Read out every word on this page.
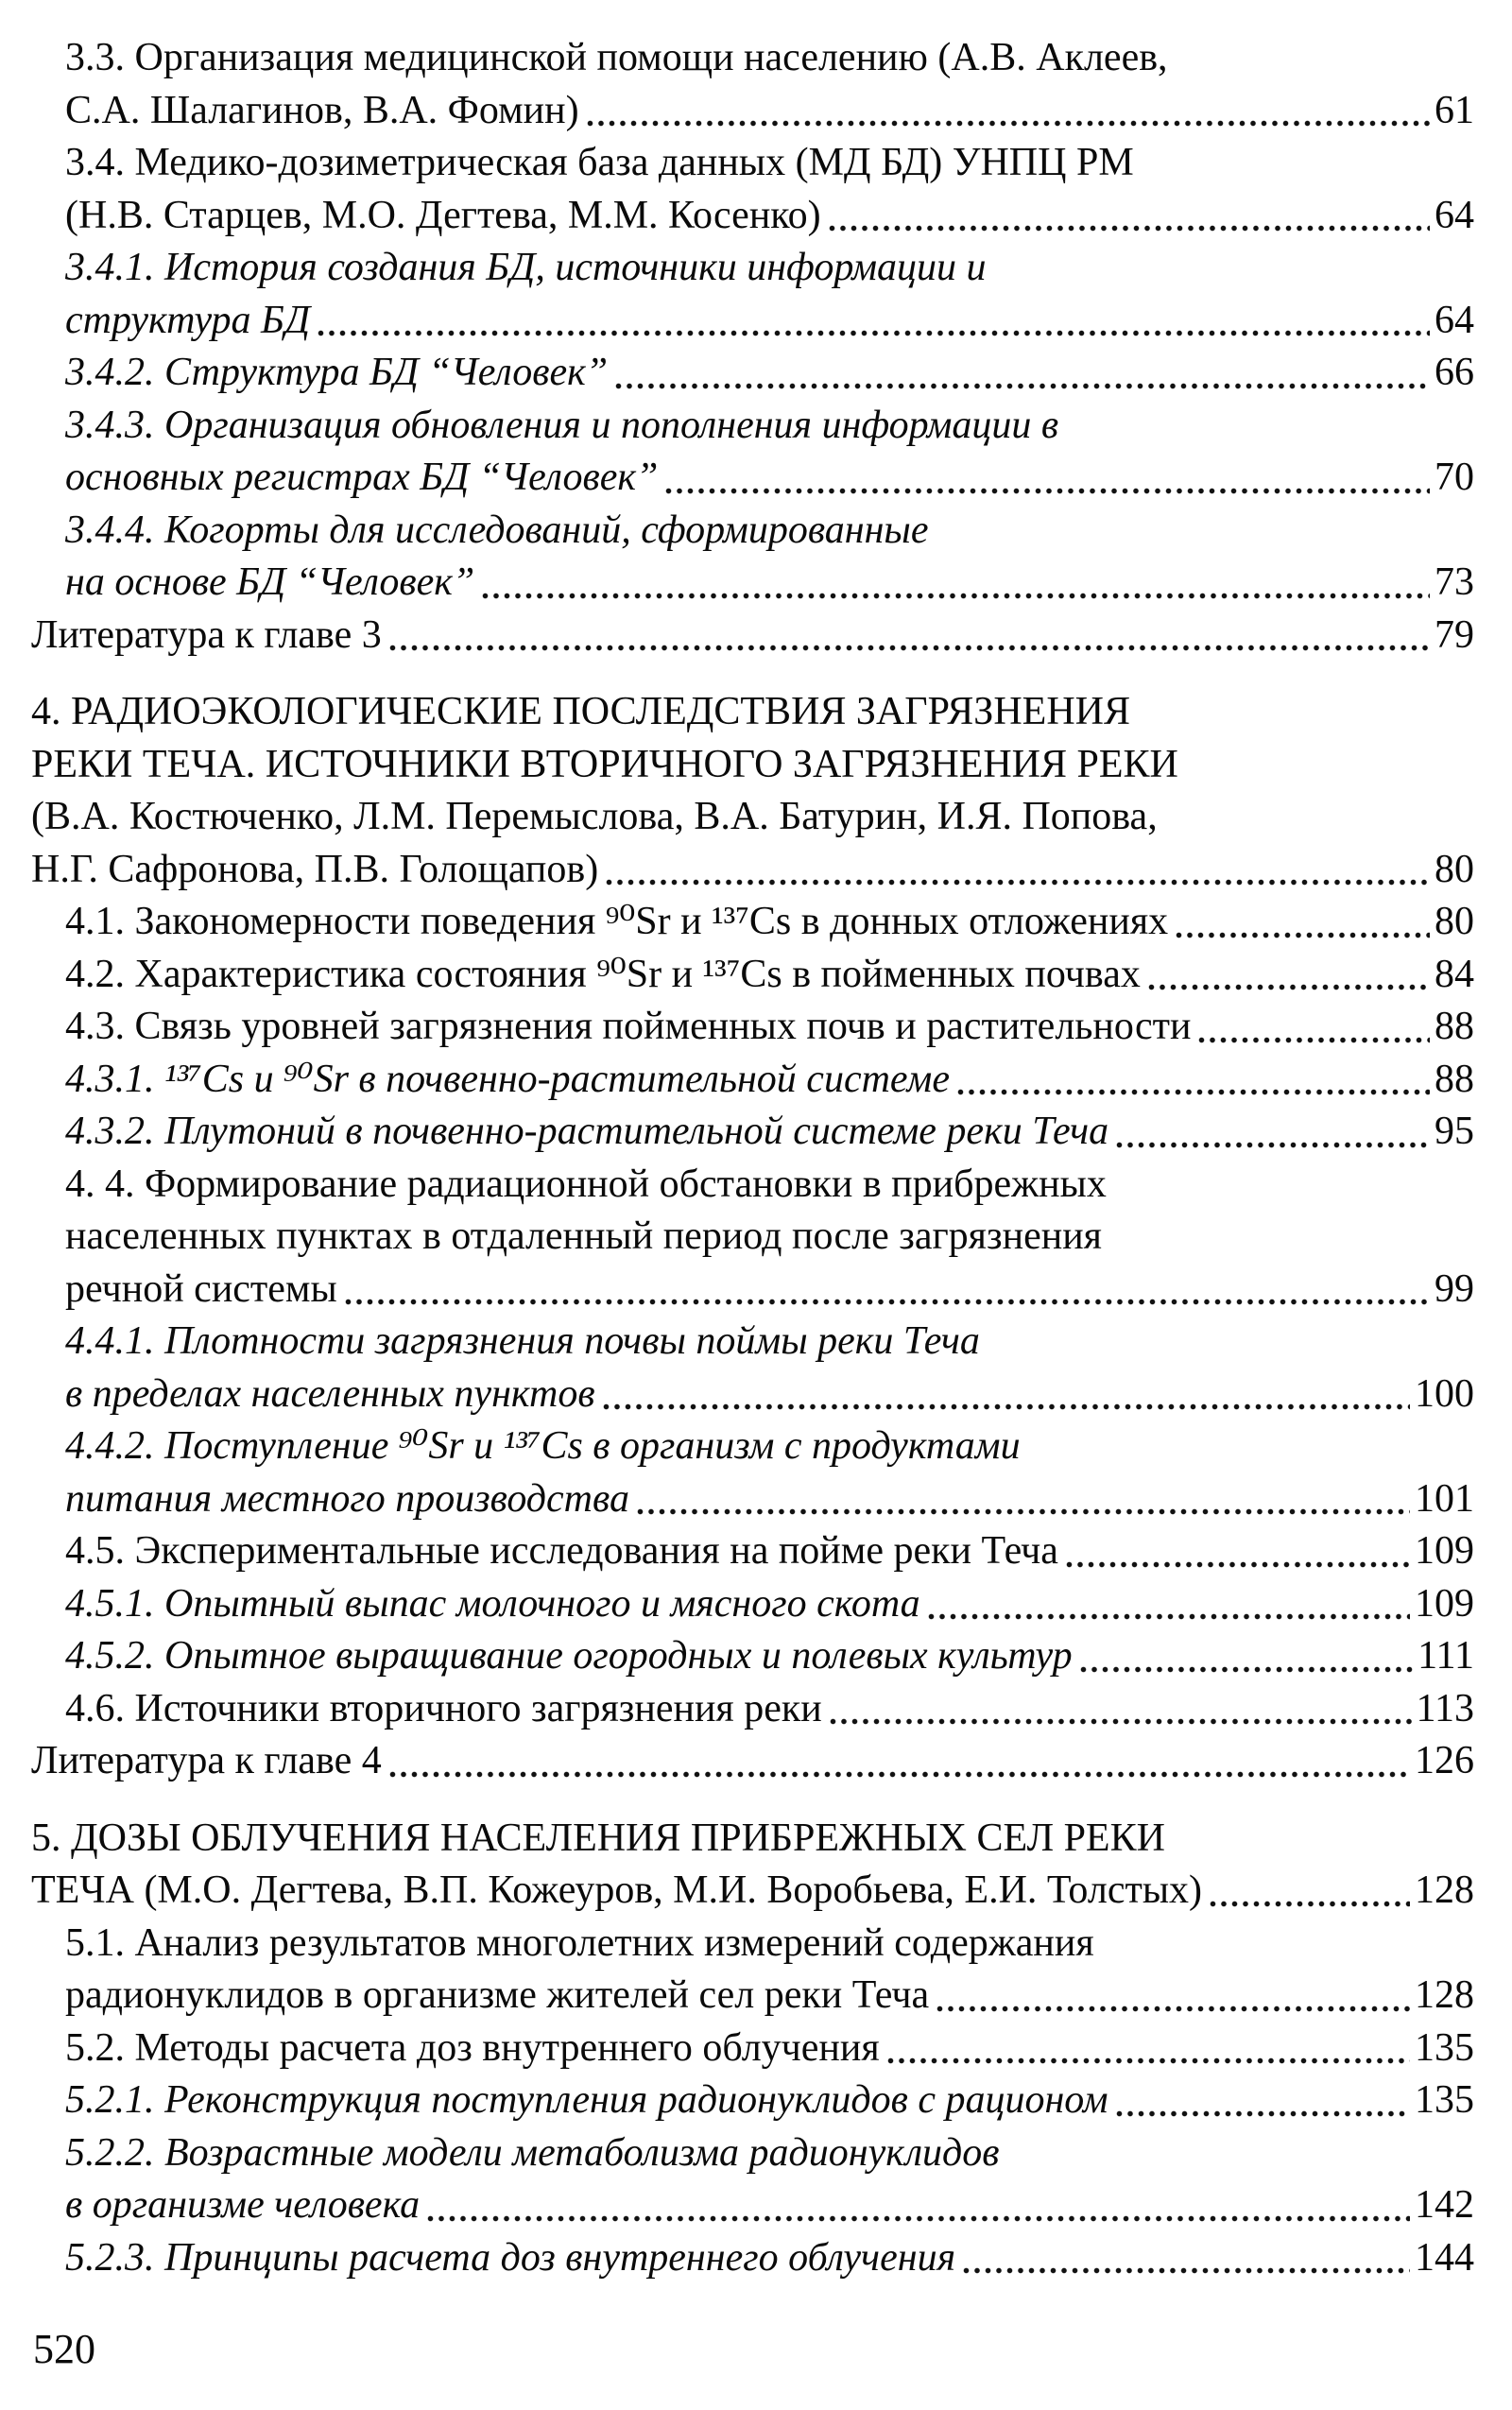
3.3. Организация медицинской помощи населению (А.В. Аклеев,
С.А. Шалагинов, В.А. Фомин)	61
3.4. Медико-дозиметрическая база данных (МД БД) УНПЦ РМ
(Н.В. Старцев, М.О. Дегтева, М.М. Косенко)	64
3.4.1. История создания БД, источники информации и
структура БД	64
3.4.2. Структура БД “Человек”	66
3.4.3. Организация обновления и пополнения информации в
основных регистрах БД “Человек”	70
3.4.4. Когорты для исследований, сформированные
на основе БД “Человек”	73
Литература к главе 3	79
4. РАДИОЭКОЛОГИЧЕСКИЕ ПОСЛЕДСТВИЯ ЗАГРЯЗНЕНИЯ
РЕКИ ТЕЧА. ИСТОЧНИКИ ВТОРИЧНОГО ЗАГРЯЗНЕНИЯ РЕКИ
(В.А. Костюченко, Л.М. Перемыслова, В.А. Батурин, И.Я. Попова,
Н.Г. Сафронова, П.В. Голощапов)	80
4.1. Закономерности поведения ⁹⁰Sr и ¹³⁷Cs в донных отложениях	80
4.2. Характеристика состояния ⁹⁰Sr и ¹³⁷Cs в пойменных почвах	84
4.3. Связь уровней загрязнения пойменных почв и растительности	88
4.3.1. ¹³⁷Cs и ⁹⁰Sr в почвенно-растительной системе	88
4.3.2. Плутоний в почвенно-растительной системе реки Теча	95
4. 4. Формирование радиационной обстановки в прибрежных
населенных пунктах в отдаленный период после загрязнения
речной системы	99
4.4.1. Плотности загрязнения почвы поймы реки Теча
в пределах населенных пунктов	100
4.4.2. Поступление ⁹⁰Sr и ¹³⁷Cs в организм с продуктами
питания местного производства	101
4.5. Экспериментальные исследования на пойме реки Теча	109
4.5.1. Опытный выпас молочного и мясного скота	109
4.5.2. Опытное выращивание огородных и полевых культур	111
4.6. Источники вторичного загрязнения реки	113
Литература к главе 4	126
5. ДОЗЫ ОБЛУЧЕНИЯ НАСЕЛЕНИЯ ПРИБРЕЖНЫХ СЕЛ РЕКИ
ТЕЧА (М.О. Дегтева, В.П. Кожеуров, М.И. Воробьева, Е.И. Толстых)	128
5.1. Анализ результатов многолетних измерений содержания
радионуклидов в организме жителей сел реки Теча	128
5.2. Методы расчета доз внутреннего облучения	135
5.2.1. Реконструкция поступления радионуклидов с рационом	135
5.2.2. Возрастные модели метаболизма радионуклидов
в организме человека	142
5.2.3. Принципы расчета доз внутреннего облучения	144
520
